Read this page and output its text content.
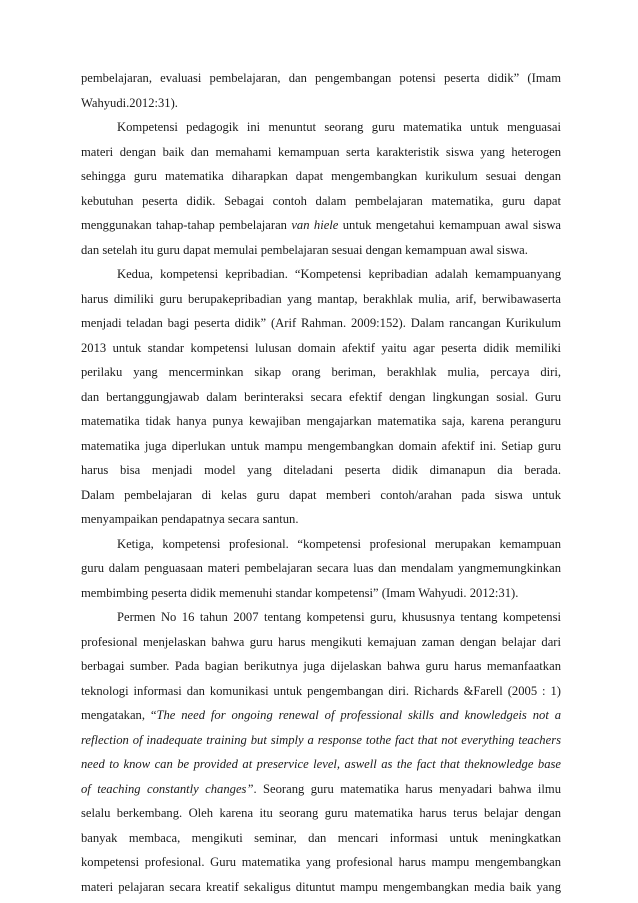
pembelajaran, evaluasi pembelajaran, dan pengembangan potensi peserta didik” (Imam
Wahyudi.2012:31).
Kompetensi pedagogik ini menuntut seorang guru matematika untuk menguasai
materi dengan baik dan memahami kemampuan serta karakteristik siswa yang heterogen
sehingga guru matematika diharapkan dapat mengembangkan kurikulum sesuai dengan
kebutuhan peserta didik. Sebagai contoh dalam pembelajaran matematika, guru dapat
menggunakan tahap-tahap pembelajaran van hiele untuk mengetahui kemampuan awal siswa
dan setelah itu guru dapat memulai pembelajaran sesuai dengan kemampuan awal siswa.
Kedua, kompetensi kepribadian. “Kompetensi kepribadian adalah kemampuanyang
harus dimiliki guru berupakepribadian yang mantap, berakhlak mulia, arif, berwibawaserta
menjadi teladan bagi peserta didik” (Arif Rahman. 2009:152). Dalam rancangan Kurikulum
2013 untuk standar kompetensi lulusan domain afektif yaitu agar peserta didik memiliki
perilaku yang mencerminkan sikap orang beriman, berakhlak mulia, percaya diri,
dan bertanggungjawab dalam berinteraksi secara efektif dengan lingkungan sosial. Guru
matematika tidak hanya punya kewajiban mengajarkan matematika saja, karena peranguru
matematika juga diperlukan untuk mampu mengembangkan domain afektif ini. Setiap guru
harus bisa menjadi model yang diteladani peserta didik dimanapun dia berada.
Dalam pembelajaran di kelas guru dapat memberi contoh/arahan pada siswa untuk
menyampaikan pendapatnya secara santun.
Ketiga, kompetensi profesional. “kompetensi profesional merupakan kemampuan
guru dalam penguasaan materi pembelajaran secara luas dan mendalam yangmemungkinkan
membimbing peserta didik memenuhi standar kompetensi” (Imam Wahyudi. 2012:31).
Permen No 16 tahun 2007 tentang kompetensi guru, khususnya tentang kompetensi
profesional menjelaskan bahwa guru harus mengikuti kemajuan zaman dengan belajar dari
berbagai sumber. Pada bagian berikutnya juga dijelaskan bahwa guru harus memanfaatkan
teknologi informasi dan komunikasi untuk pengembangan diri. Richards &Farell (2005 : 1)
mengatakan, “The need for ongoing renewal of professional skills and knowledgeis not a
reflection of inadequate training but simply a response tothe fact that not everything teachers
need to know can be provided at preservice level, aswell as the fact that theknowledge base
of teaching constantly changes”. Seorang guru matematika harus menyadari bahwa ilmu
selalu berkembang. Oleh karena itu seorang guru matematika harus terus belajar dengan
banyak membaca, mengikuti seminar, dan mencari informasi untuk meningkatkan
kompetensi profesional. Guru matematika yang profesional harus mampu mengembangkan
materi pelajaran secara kreatif sekaligus dituntut mampu mengembangkan media baik yang
